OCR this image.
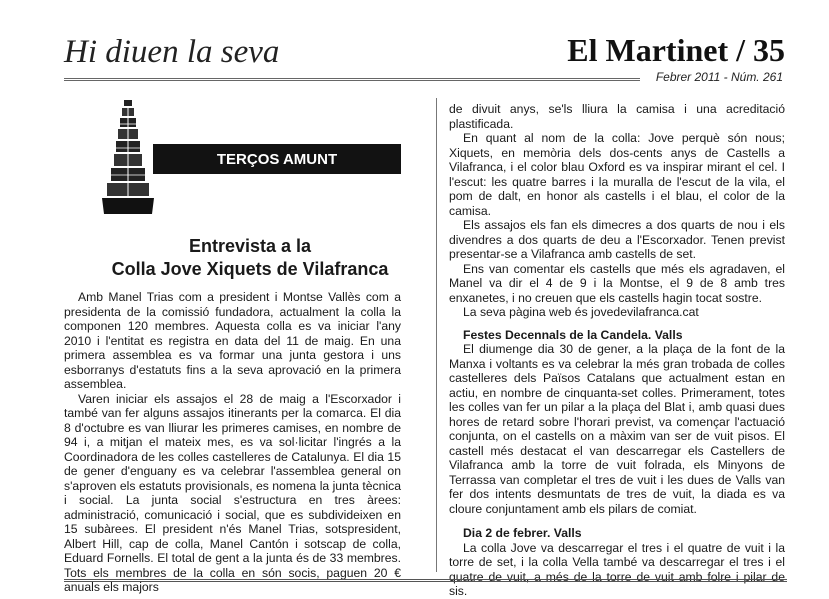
Hi diuen la seva	El Martinet / 35
Febrer 2011 - Núm. 261
TERÇOS AMUNT
Entrevista a la
Colla Jove Xiquets de Vilafranca

Amb Manel Trias com a president i Montse Vallès com a presidenta de la comissió fundadora, actualment la colla la componen 120 membres. Aquesta colla es va iniciar l'any 2010 i l'entitat es registra en data del 11 de maig. En una primera assemblea es va formar una junta gestora i uns esborranys d'estatuts fins a la seva aprovació en la primera assemblea.

Varen iniciar els assajos el 28 de maig a l'Escorxador i també van fer alguns assajos itinerants per la comarca. El dia 8 d'octubre es van lliurar les primeres camises, en nombre de 94 i, a mitjan el mateix mes, es va sol·licitar l'ingrés a la Coordinadora de les colles castelleres de Catalunya. El dia 15 de gener d'enguany es va celebrar l'assemblea general on s'aproven els estatuts provisionals, es nomena la junta tècnica i social. La junta social s'estructura en tres àrees: administració, comunicació i social, que es subdivideixen en 15 subàrees. El president n'és Manel Trias, sotspresident, Albert Hill, cap de colla, Manel Cantón i sotscap de colla, Eduard Fornells. El total de gent a la junta és de 33 membres. Tots els membres de la colla en són socis, paguen 20 € anuals els majors

de divuit anys, se'ls lliura la camisa i una acreditació plastificada.

En quant al nom de la colla: Jove perquè són nous; Xiquets, en memòria dels dos-cents anys de Castells a Vilafranca, i el color blau Oxford es va inspirar mirant el cel. I l'escut: les quatre barres i la muralla de l'escut de la vila, el pom de dalt, en honor als castells i el blau, el color de la camisa.

Els assajos els fan els dimecres a dos quarts de nou i els divendres a dos quarts de deu a l'Escorxador. Tenen previst presentar-se a Vilafranca amb castells de set.

Ens van comentar els castells que més els agradaven, el Manel va dir el 4 de 9 i la Montse, el 9 de 8 amb tres enxanetes, i no creuen que els castells hagin tocat sostre.

La seva pàgina web és jovedevilafranca.cat

Festes Decennals de la Candela. Valls

El diumenge dia 30 de gener, a la plaça de la font de la Manxa i voltants es va celebrar la més gran trobada de colles castelleres dels Països Catalans que actualment estan en actiu, en nombre de cinquanta-set colles. Primerament, totes les colles van fer un pilar a la plaça del Blat i, amb quasi dues hores de retard sobre l'horari previst, va començar l'actuació conjunta, on el castells on a màxim van ser de vuit pisos. El castell més destacat el van descarregar els Castellers de Vilafranca amb la torre de vuit folrada, els Minyons de Terrassa van completar el tres de vuit i les dues de Valls van fer dos intents desmuntats de tres de vuit, la diada es va cloure conjuntament amb els pilars de comiat.

Dia 2 de febrer. Valls

La colla Jove va descarregar el tres i el quatre de vuit i la torre de set, i la colla Vella també va descarregar el tres i el quatre de vuit, a més de la torre de vuit amb folre i pilar de sis.
